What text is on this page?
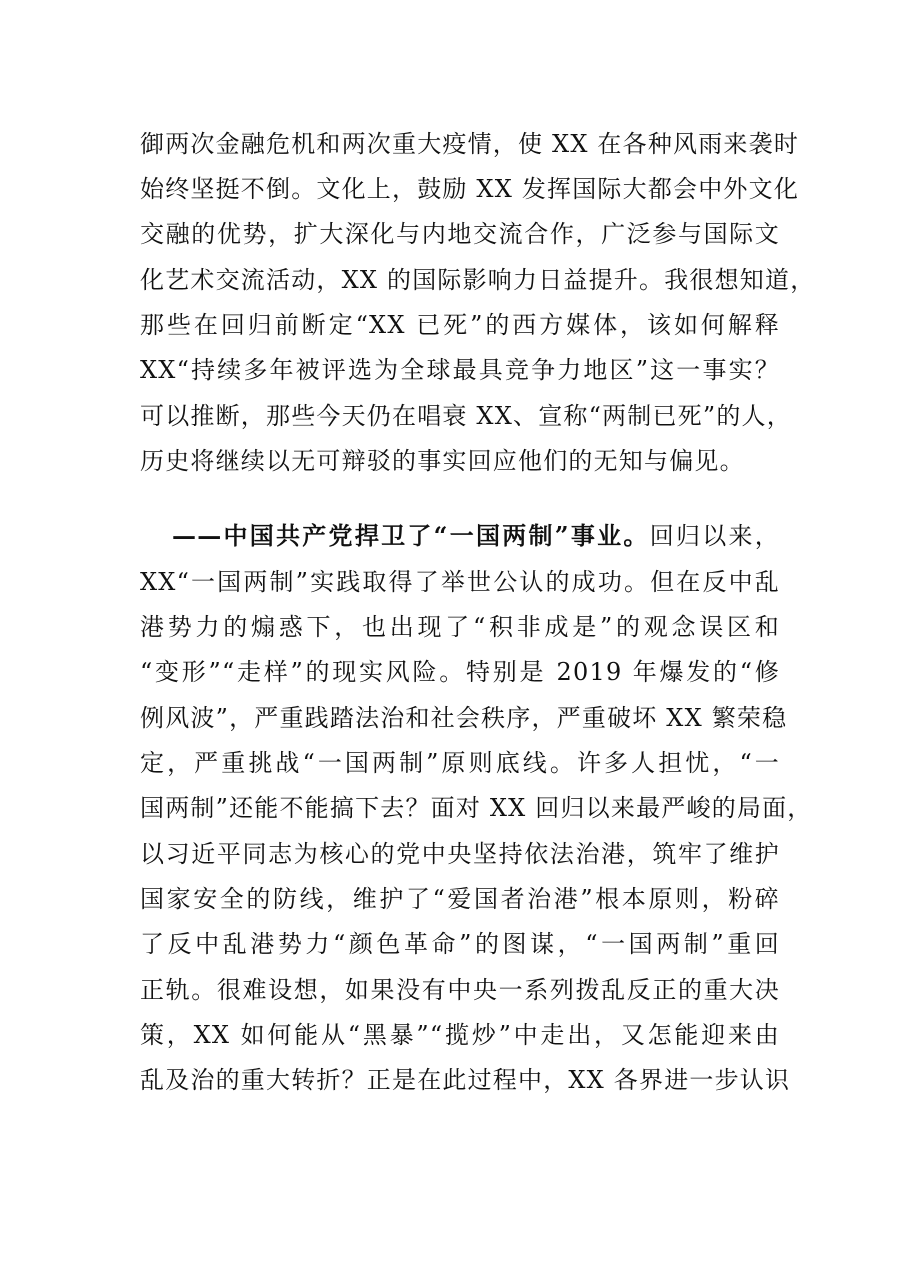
御两次金融危机和两次重大疫情，使 XX 在各种风雨来袭时
始终坚挺不倒。文化上，鼓励 XX 发挥国际大都会中外文化
交融的优势，扩大深化与内地交流合作，广泛参与国际文
化艺术交流活动，XX 的国际影响力日益提升。我很想知道，
那些在回归前断定“XX 已死”的西方媒体，该如何解释
XX“持续多年被评选为全球最具竞争力地区”这一事实？
可以推断，那些今天仍在唱衰 XX、宣称“两制已死”的人，
历史将继续以无可辩驳的事实回应他们的无知与偏见。
——中国共产党捍卫了“一国两制”事业。回归以来，
XX“一国两制”实践取得了举世公认的成功。但在反中乱
港势力的煽惑下，也出现了“积非成是”的观念误区和
“变形”“走样”的现实风险。特别是 2019 年爆发的“修
例风波”，严重践踏法治和社会秩序，严重破坏 XX 繁荣稳
定，严重挑战“一国两制”原则底线。许多人担忧，“一
国两制”还能不能搞下去？面对 XX 回归以来最严峻的局面，
以习近平同志为核心的党中央坚持依法治港，筑牢了维护
国家安全的防线，维护了“爱国者治港”根本原则，粉碎
了反中乱港势力“颜色革命”的图谋，“一国两制”重回
正轨。很难设想，如果没有中央一系列拨乱反正的重大决
策，XX 如何能从“黑暴”“揽炒”中走出，又怎能迎来由
乱及治的重大转折？正是在此过程中，XX 各界进一步认识
